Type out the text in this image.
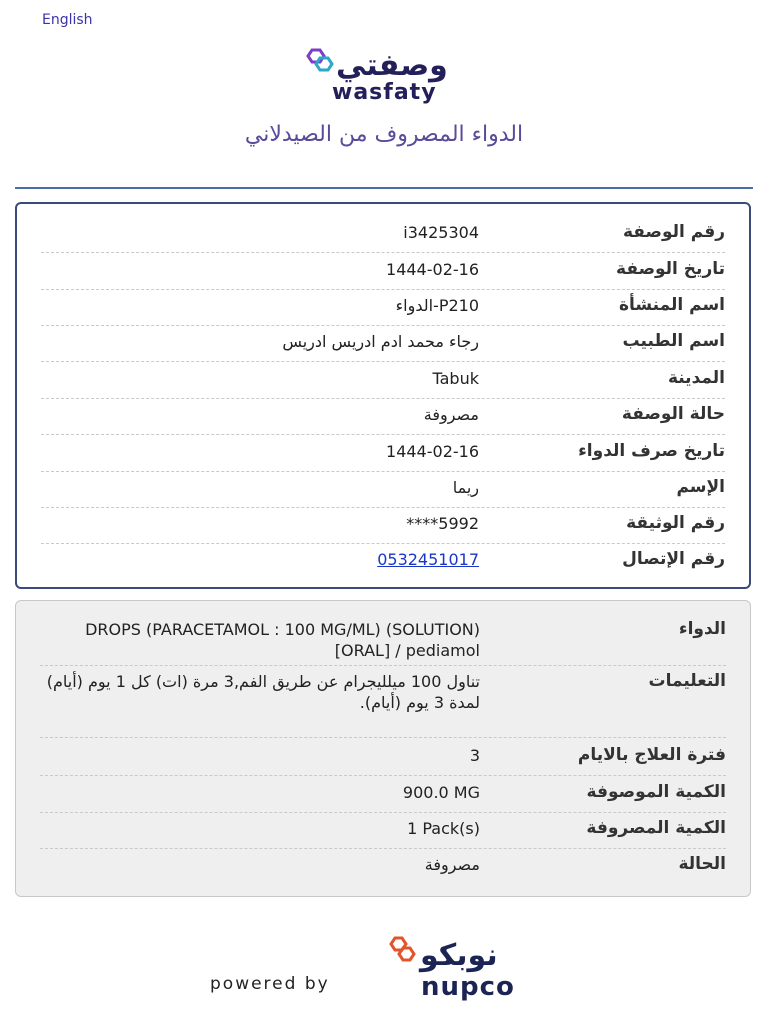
English
وصفتي
wasfaty
الدواء المصروف من الصيدلاني
رقم الوصفة
i3425304
تاريخ الوصفة
1444-02-16
اسم المنشأة
P210-الدواء
اسم الطبيب
رجاء محمد ادم ادريس ادريس
المدينة
Tabuk
حالة الوصفة
مصروفة
تاريخ صرف الدواء
1444-02-16
الإسم
ريما
رقم الوثيقة
****5992
رقم الإتصال
0532451017
الدواء
DROPS (PARACETAMOL : 100 MG/ML) (SOLUTION) [ORAL] / pediamol
التعليمات
تناول 100 ميلليجرام عن طريق الفم,3 مرة (ات) كل 1 يوم (أيام) لمدة 3 يوم (أيام).
فترة العلاج بالايام
3
الكمية الموصوفة
900.0 MG
الكمية المصروفة
1 Pack(s)
الحالة
مصروفة
powered by
نوبكو
nupco
